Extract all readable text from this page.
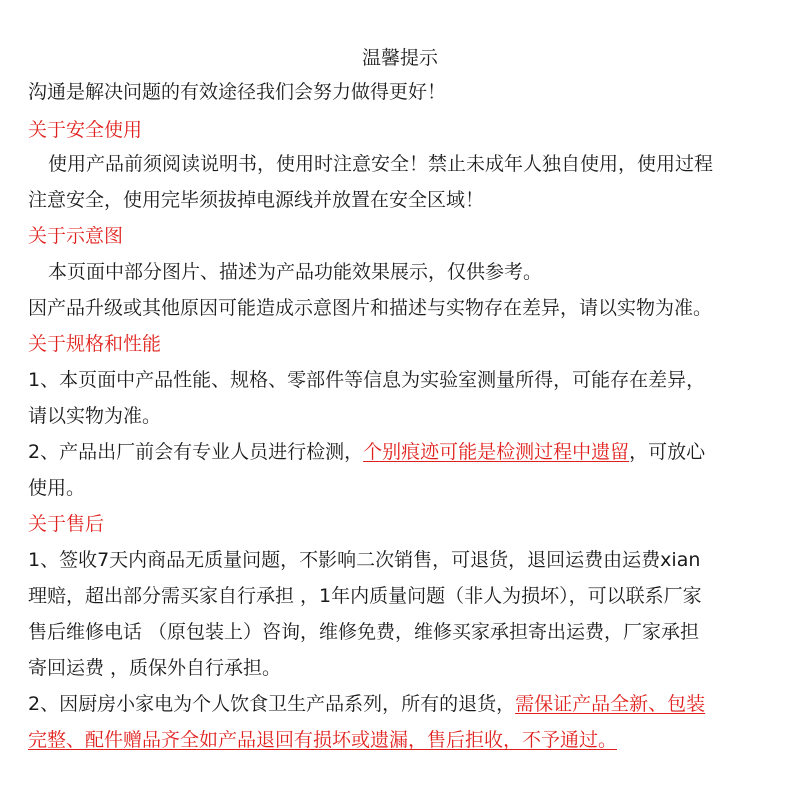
温馨提示
沟通是解决问题的有效途径我们会努力做得更好！
关于安全使用
使用产品前须阅读说明书，使用时注意安全！禁止未成年人独自使用，使用过程
注意安全，使用完毕须拔掉电源线并放置在安全区域！
关于示意图
本页面中部分图片、描述为产品功能效果展示，仅供参考。
因产品升级或其他原因可能造成示意图片和描述与实物存在差异，请以实物为准。
关于规格和性能
1、本页面中产品性能、规格、零部件等信息为实验室测量所得，可能存在差异，
请以实物为准。
2、产品出厂前会有专业人员进行检测，个别痕迹可能是检测过程中遗留，可放心
使用。
关于售后
1、签收7天内商品无质量问题，不影响二次销售，可退货，退回运费由运费xian
理赔，超出部分需买家自行承担 ，1年内质量问题（非人为损坏），可以联系厂家
售后维修电话 （原包装上）咨询，维修免费，维修买家承担寄出运费，厂家承担
寄回运费 ，质保外自行承担。
2、因厨房小家电为个人饮食卫生产品系列，所有的退货，需保证产品全新、包装
完整、配件赠品齐全如产品退回有损坏或遗漏，售后拒收，不予通过。
